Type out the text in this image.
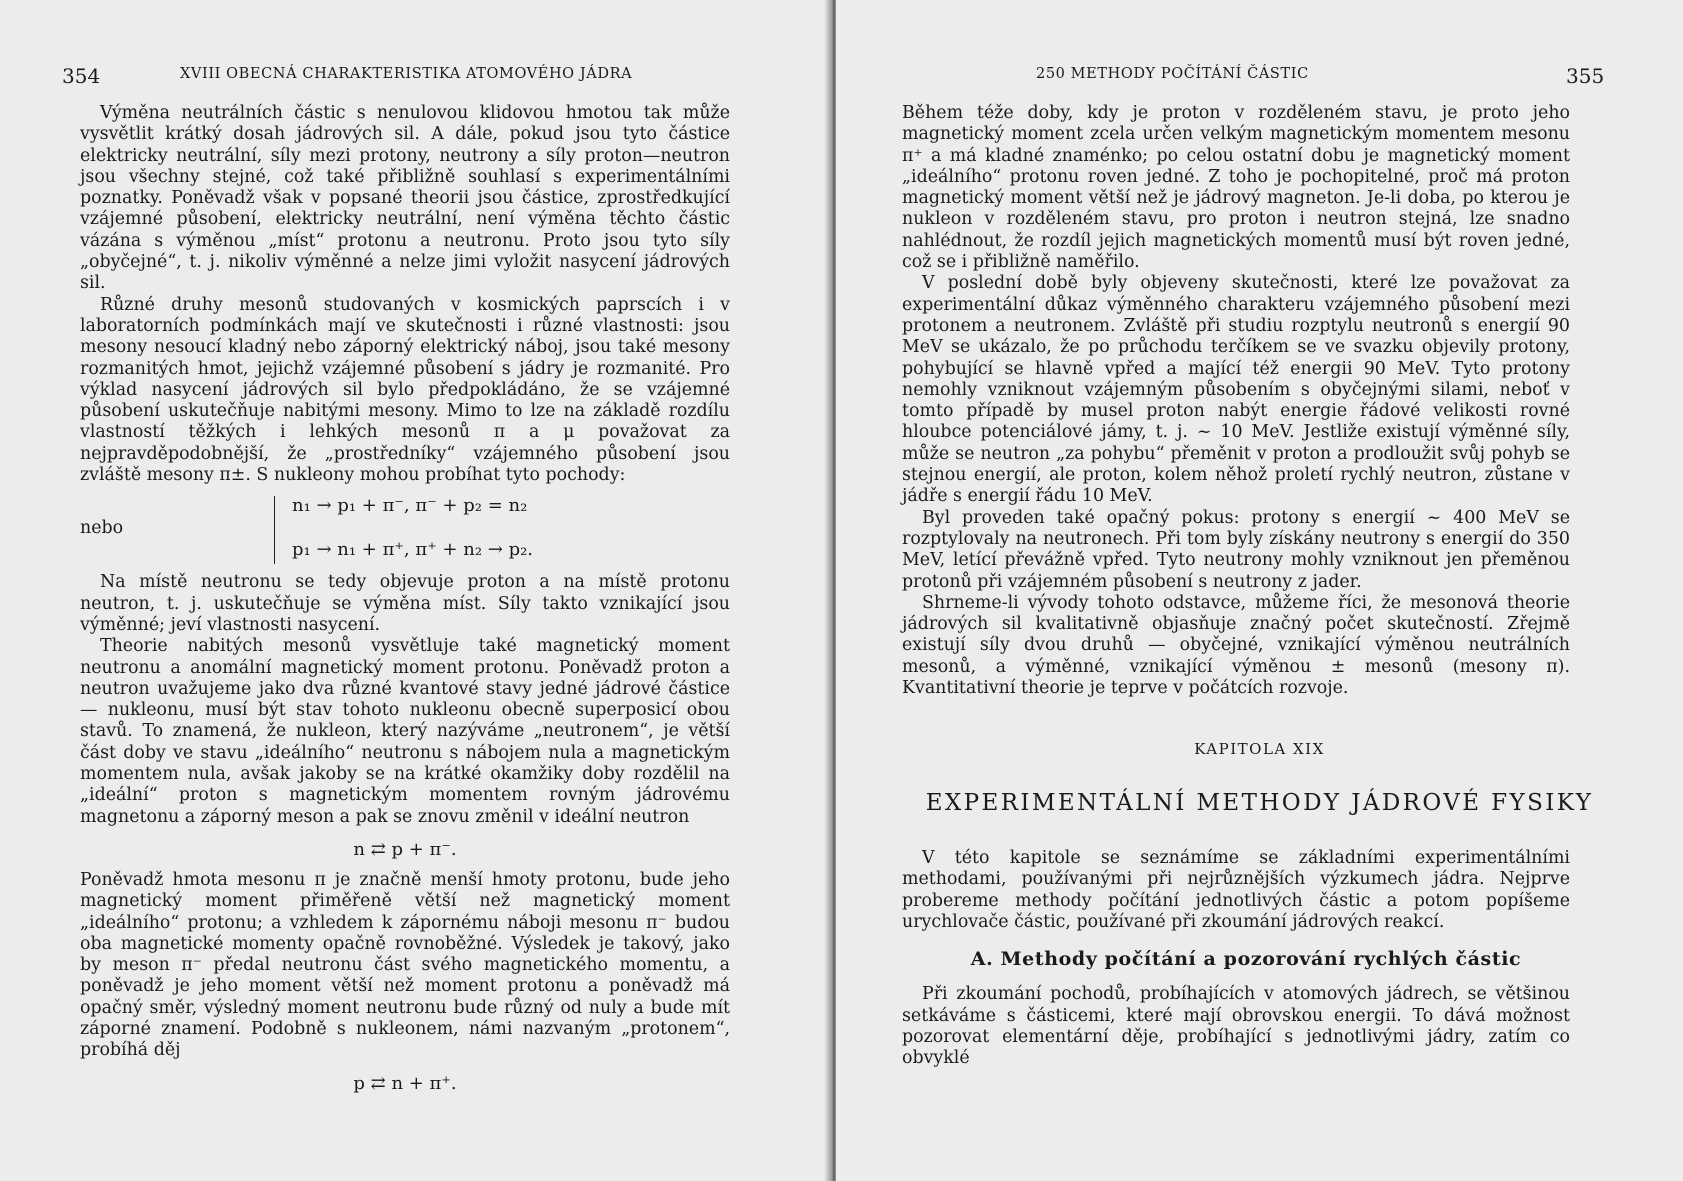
354	XVIII OBECNÁ CHARAKTERISTIKA ATOMOVÉHO JÁDRA

Výměna neutrálních částic s nenulovou klidovou hmotou tak může vysvětlit krátký dosah jádrových sil. A dále, pokud jsou tyto částice elektricky neutrální, síly mezi protony, neutrony a síly proton—neutron jsou všechny stejné, což také přibližně souhlasí s experimentálními poznatky. Poněvadž však v popsané theorii jsou částice, zprostředkující vzájemné působení, elektricky neutrální, není výměna těchto částic vázána s výměnou „míst“ protonu a neutronu. Proto jsou tyto síly „obyčejné“, t. j. nikoliv výměnné a nelze jimi vyložit nasycení jádrových sil.

Různé druhy mesonů studovaných v kosmických paprscích i v laboratorních podmínkách mají ve skutečnosti i různé vlastnosti: jsou mesony nesoucí kladný nebo záporný elektrický náboj, jsou také mesony rozmanitých hmot, jejichž vzájemné působení s jádry je rozmanité. Pro výklad nasycení jádrových sil bylo předpokládáno, že se vzájemné působení uskutečňuje nabitými mesony. Mimo to lze na základě rozdílu vlastností těžkých i lehkých mesonů π a μ považovat za nejpravděpodobnější, že „prostředníky“ vzájemného působení jsou zvláště mesony π±. S nukleony mohou probíhat tyto pochody:

nebo
n₁ → p₁ + π⁻, π⁻ + p₂ = n₂
p₁ → n₁ + π⁺, π⁺ + n₂ → p₂.

Na místě neutronu se tedy objevuje proton a na místě protonu neutron, t. j. uskutečňuje se výměna míst. Síly takto vznikající jsou výměnné; jeví vlastnosti nasycení.

Theorie nabitých mesonů vysvětluje také magnetický moment neutronu a anomální magnetický moment protonu. Poněvadž proton a neutron uvažujeme jako dva různé kvantové stavy jedné jádrové částice — nukleonu, musí být stav tohoto nukleonu obecně superposicí obou stavů. To znamená, že nukleon, který nazýváme „neutronem“, je větší část doby ve stavu „ideálního“ neutronu s nábojem nula a magnetickým momentem nula, avšak jakoby se na krátké okamžiky doby rozdělil na „ideální“ proton s magnetickým momentem rovným jádrovému magnetonu a záporný meson a pak se znovu změnil v ideální neutron

n ⇄ p + π⁻.

Poněvadž hmota mesonu π je značně menší hmoty protonu, bude jeho magnetický moment přiměřeně větší než magnetický moment „ideálního“ protonu; a vzhledem k zápornému náboji mesonu π⁻ budou oba magnetické momenty opačně rovnoběžné. Výsledek je takový, jako by meson π⁻ předal neutronu část svého magnetického momentu, a poněvadž je jeho moment větší než moment protonu a poněvadž má opačný směr, výsledný moment neutronu bude různý od nuly a bude mít záporné znamení. Podobně s nukleonem, námi nazvaným „protonem“, probíhá děj

p ⇄ n + π⁺.

250 METHODY POČÍTÁNÍ ČÁSTIC	355

Během téže doby, kdy je proton v rozděleném stavu, je proto jeho magnetický moment zcela určen velkým magnetickým momentem mesonu π⁺ a má kladné znaménko; po celou ostatní dobu je magnetický moment „ideálního“ protonu roven jedné. Z toho je pochopitelné, proč má proton magnetický moment větší než je jádrový magneton. Je-li doba, po kterou je nukleon v rozděleném stavu, pro proton i neutron stejná, lze snadno nahlédnout, že rozdíl jejich magnetických momentů musí být roven jedné, což se i přibližně naměřilo.

V poslední době byly objeveny skutečnosti, které lze považovat za experimentální důkaz výměnného charakteru vzájemného působení mezi protonem a neutronem. Zvláště při studiu rozptylu neutronů s energií 90 MeV se ukázalo, že po průchodu terčíkem se ve svazku objevily protony, pohybující se hlavně vpřed a mající též energii 90 MeV. Tyto protony nemohly vzniknout vzájemným působením s obyčejnými silami, neboť v tomto případě by musel proton nabýt energie řádové velikosti rovné hloubce potenciálové jámy, t. j. ~ 10 MeV. Jestliže existují výměnné síly, může se neutron „za pohybu“ přeměnit v proton a prodloužit svůj pohyb se stejnou energií, ale proton, kolem něhož proletí rychlý neutron, zůstane v jádře s energií řádu 10 MeV.

Byl proveden také opačný pokus: protony s energií ~ 400 MeV se rozptylovaly na neutronech. Při tom byly získány neutrony s energií do 350 MeV, letící převážně vpřed. Tyto neutrony mohly vzniknout jen přeměnou protonů při vzájemném působení s neutrony z jader.

Shrneme-li vývody tohoto odstavce, můžeme říci, že mesonová theorie jádrových sil kvalitativně objasňuje značný počet skutečností. Zřejmě existují síly dvou druhů — obyčejné, vznikající výměnou neutrálních mesonů, a výměnné, vznikající výměnou ± mesonů (mesony π). Kvantitativní theorie je teprve v počátcích rozvoje.

KAPITOLA XIX
EXPERIMENTÁLNÍ METHODY JÁDROVÉ FYSIKY

V této kapitole se seznámíme se základními experimentálními methodami, používanými při nejrůznějších výzkumech jádra. Nejprve probereme methody počítání jednotlivých částic a potom popíšeme urychlovače částic, používané při zkoumání jádrových reakcí.

A. Methody počítání a pozorování rychlých částic

Při zkoumání pochodů, probíhajících v atomových jádrech, se většinou setkáváme s částicemi, které mají obrovskou energii. To dává možnost pozorovat elementární děje, probíhající s jednotlivými jádry, zatím co obvyklé
